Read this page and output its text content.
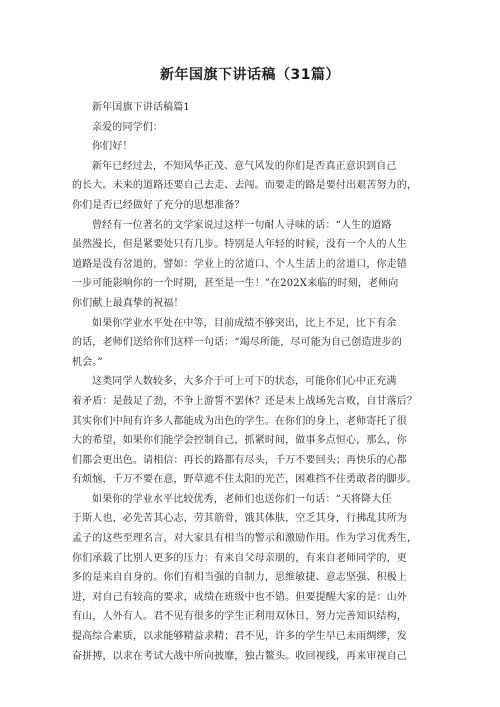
新年国旗下讲话稿（31篇）
新年国旗下讲话稿篇1
亲爱的同学们：
你们好！
新年已经过去，不知风华正茂、意气风发的你们是否真正意识到自己
的长大。未来的道路还要自己去走、去闯。而要走的路是要付出艰苦努力的，
你们是否已经做好了充分的思想准备？
曾经有一位著名的文学家说过这样一句耐人寻味的话：“人生的道路
虽然漫长，但是紧要处只有几步。特别是人年轻的时候，没有一个人的人生
道路是没有岔道的，譬如：学业上的岔道口、个人生活上的岔道口，你走错
一步可能影响你的一个时期，甚至是一生！”在202X来临的时刻，老师向
你们献上最真挚的祝福！
如果你学业水平处在中等，目前成绩不够突出，比上不足，比下有余
的话，老师们送给你们这样一句话：“竭尽所能，尽可能为自己创造进步的
机会。”
这类同学人数较多，大多介于可上可下的状态，可能你们心中正充满
着矛盾：是鼓足了劲，不争上游誓不罢休？还是未上战场先言败，自甘落后？
其实你们中间有许多人都能成为出色的学生。在你们的身上，老师寄托了很
大的希望，如果你们能学会控制自己，抓紧时间，做事多点恒心，那么，你
们都会更出色。请相信：再长的路都有尽头，千万不要回头；再快乐的心都
有烦恼，千万不要在意，野草遮不住太阳的光芒，困难挡不住勇敢者的脚步。
如果你的学业水平比较优秀，老师们也送你们一句话：“天将降大任
于斯人也，必先苦其心志，劳其筋骨，饿其体肤，空乏其身，行拂乱其所为
孟子的这些至理名言，对大家具有相当的警示和激励作用。作为学习优秀生，
你们承载了比别人更多的压力：有来自父母亲朋的，有来自老师同学的，更
多的是来自自身的。你们有相当强的自制力，思维敏捷、意志坚强、积极上
进，对自己有较高的要求，成绩在班级中也不错。但要提醒大家的是：山外
有山，人外有人。君不见有很多的学生正利用双休日，努力完善知识结构，
提高综合素质，以求能够精益求精；君不见，许多的学生早已未雨绸缪，发
奋拼搏，以求在考试大战中所向披靡，独占鳌头。收回视线，再来审视自己
